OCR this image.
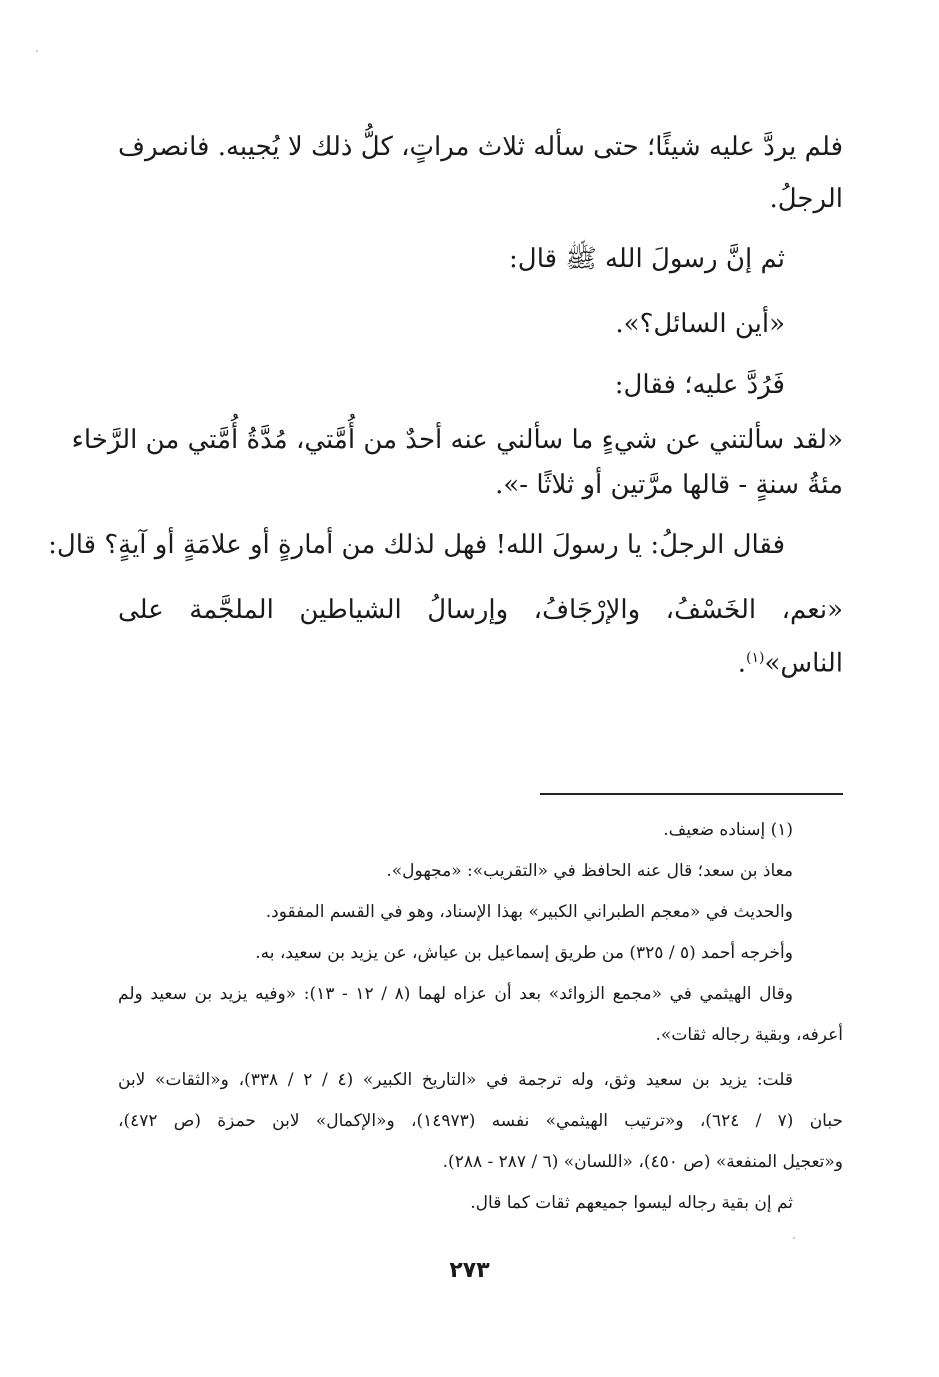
فلم يردَّ عليه شيئًا؛ حتى سأله ثلاث مراتٍ، كلُّ ذلك لا يُجيبه. فانصرف
الرجلُ.
ثم إنَّ رسولَ الله ﷺ قال:
«أين السائل؟».
فَرُدَّ عليه؛ فقال:
«لقد سألتني عن شيءٍ ما سألني عنه أحدٌ من أُمَّتي، مُدَّةُ أُمَّتي من الرَّخاء
مئةُ سنةٍ - قالها مرَّتين أو ثلاثًا -».
فقال الرجلُ: يا رسولَ الله! فهل لذلك من أمارةٍ أو علامَةٍ أو آيةٍ؟ قال:
«نعم، الخَسْفُ، والإرْجَافُ، وإرسالُ الشياطين الملجَّمة على
الناس»$^{(١)}$.
(١) إسناده ضعيف.
معاذ بن سعد؛ قال عنه الحافظ في «التقريب»: «مجهول».
والحديث في «معجم الطبراني الكبير» بهذا الإسناد، وهو في القسم المفقود.
وأخرجه أحمد (٥ / ٣٢٥) من طريق إسماعيل بن عياش، عن يزيد بن سعيد، به.
وقال الهيثمي في «مجمع الزوائد» بعد أن عزاه لهما (٨ / ١٢ - ١٣): «وفيه يزيد بن سعيد ولم
أعرفه، وبقية رجاله ثقات».
قلت: يزيد بن سعيد وثق، وله ترجمة في «التاريخ الكبير» (٤ / ٢ / ٣٣٨)، و«الثقات» لابن
حبان (٧ / ٦٢٤)، و«ترتيب الهيثمي» نفسه (١٤٩٧٣)، و«الإكمال» لابن حمزة (ص ٤٧٢)،
و«تعجيل المنفعة» (ص ٤٥٠)، «اللسان» (٦ / ٢٨٧ - ٢٨٨).
ثم إن بقية رجاله ليسوا جميعهم ثقات كما قال.
٢٧٣
